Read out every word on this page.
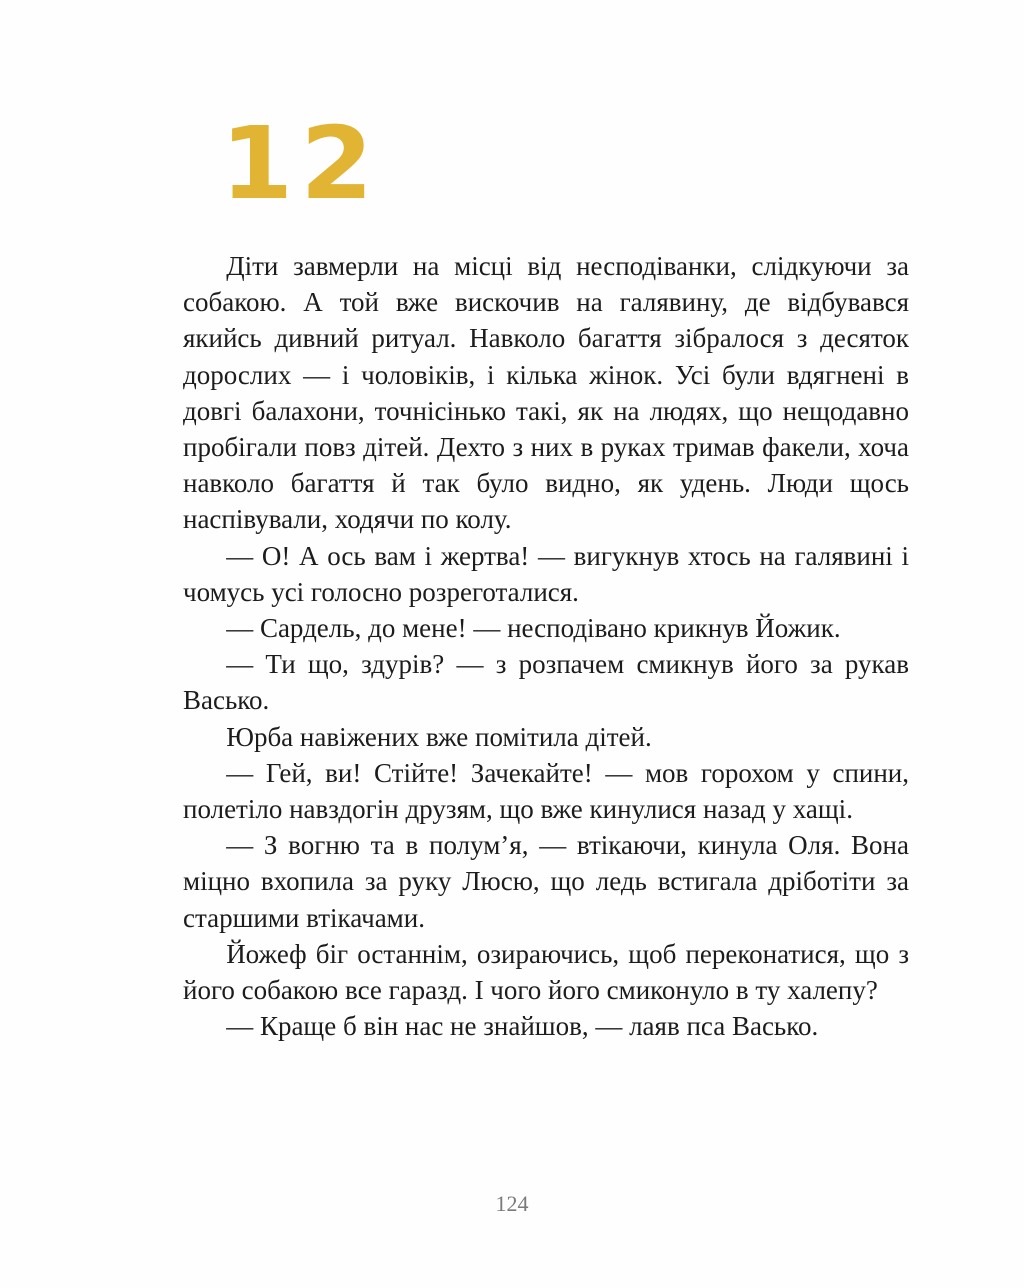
1 2

Діти завмерли на місці від несподіванки, слідкуючи за собакою. А той вже вискочив на галявину, де відбувався якийсь дивний ритуал. Навколо багаття зібралося з десяток дорослих — і чоловіків, і кілька жінок. Усі були вдягнені в довгі балахони, точнісінько такі, як на людях, що нещодавно пробігали повз дітей. Дехто з них в руках тримав факели, хоча навколо багаття й так було видно, як удень. Люди щось наспівували, ходячи по колу.

— О! А ось вам і жертва! — вигукнув хтось на галявині і чомусь усі голосно розреготалися.

— Сардель, до мене! — несподівано крикнув Йожик.

— Ти що, здурів? — з розпачем смикнув його за рукав Васько.

Юрба навіжених вже помітила дітей.

— Гей, ви! Стійте! Зачекайте! — мов горохом у спини, полетіло навздогін друзям, що вже кинулися назад у хащі.

— З вогню та в полум’я, — втікаючи, кинула Оля. Вона міцно вхопила за руку Люсю, що ледь встигала дріботіти за старшими втікачами.

Йожеф біг останнім, озираючись, щоб переконатися, що з його собакою все гаразд. І чого його смиконуло в ту халепу?

— Краще б він нас не знайшов, — лаяв пса Васько.

124
